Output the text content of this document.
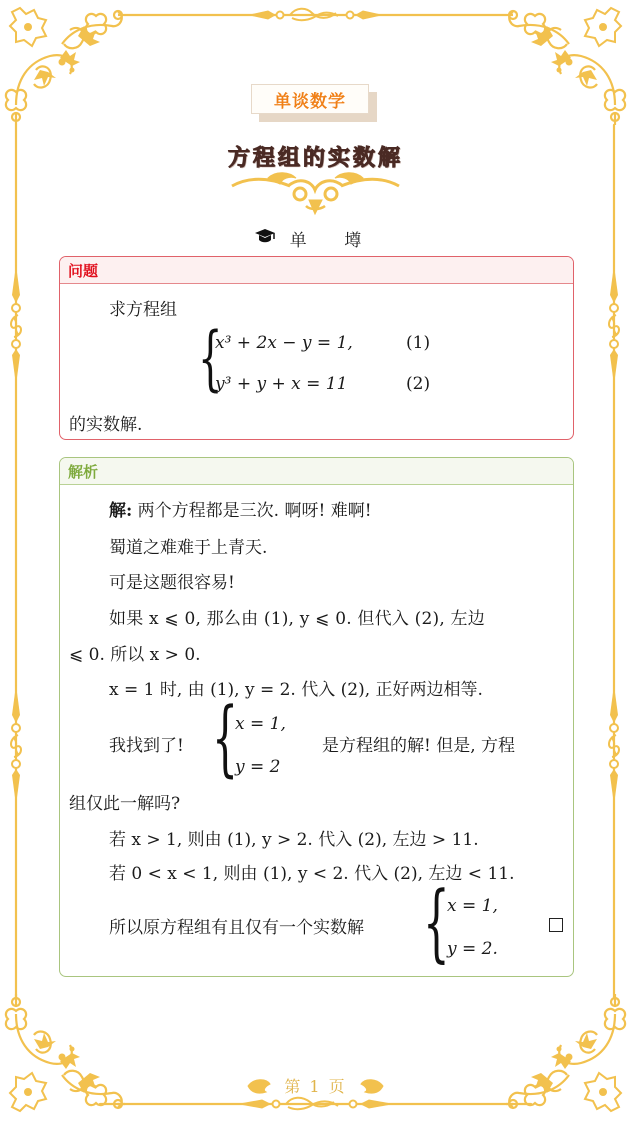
单谈数学
方程组的实数解
单 墫
问题
求方程组
{
x³ + 2x − y = 1,	(1)
y³ + y + x = 11	(2)
的实数解.
解析
解: 两个方程都是三次. 啊呀! 难啊!
蜀道之难难于上青天.
可是这题很容易!
如果 x ⩽ 0, 那么由 (1), y ⩽ 0. 但代入 (2), 左边
⩽ 0. 所以 x > 0.
x = 1 时, 由 (1), y = 2. 代入 (2), 正好两边相等.
我找到了! {
x = 1,
y = 2
是方程组的解! 但是, 方程
组仅此一解吗?
若 x > 1, 则由 (1), y > 2. 代入 (2), 左边 > 11.
若 0 < x < 1, 则由 (1), y < 2. 代入 (2), 左边 < 11.
所以原方程组有且仅有一个实数解 {
x = 1,
y = 2.
第 1 页
